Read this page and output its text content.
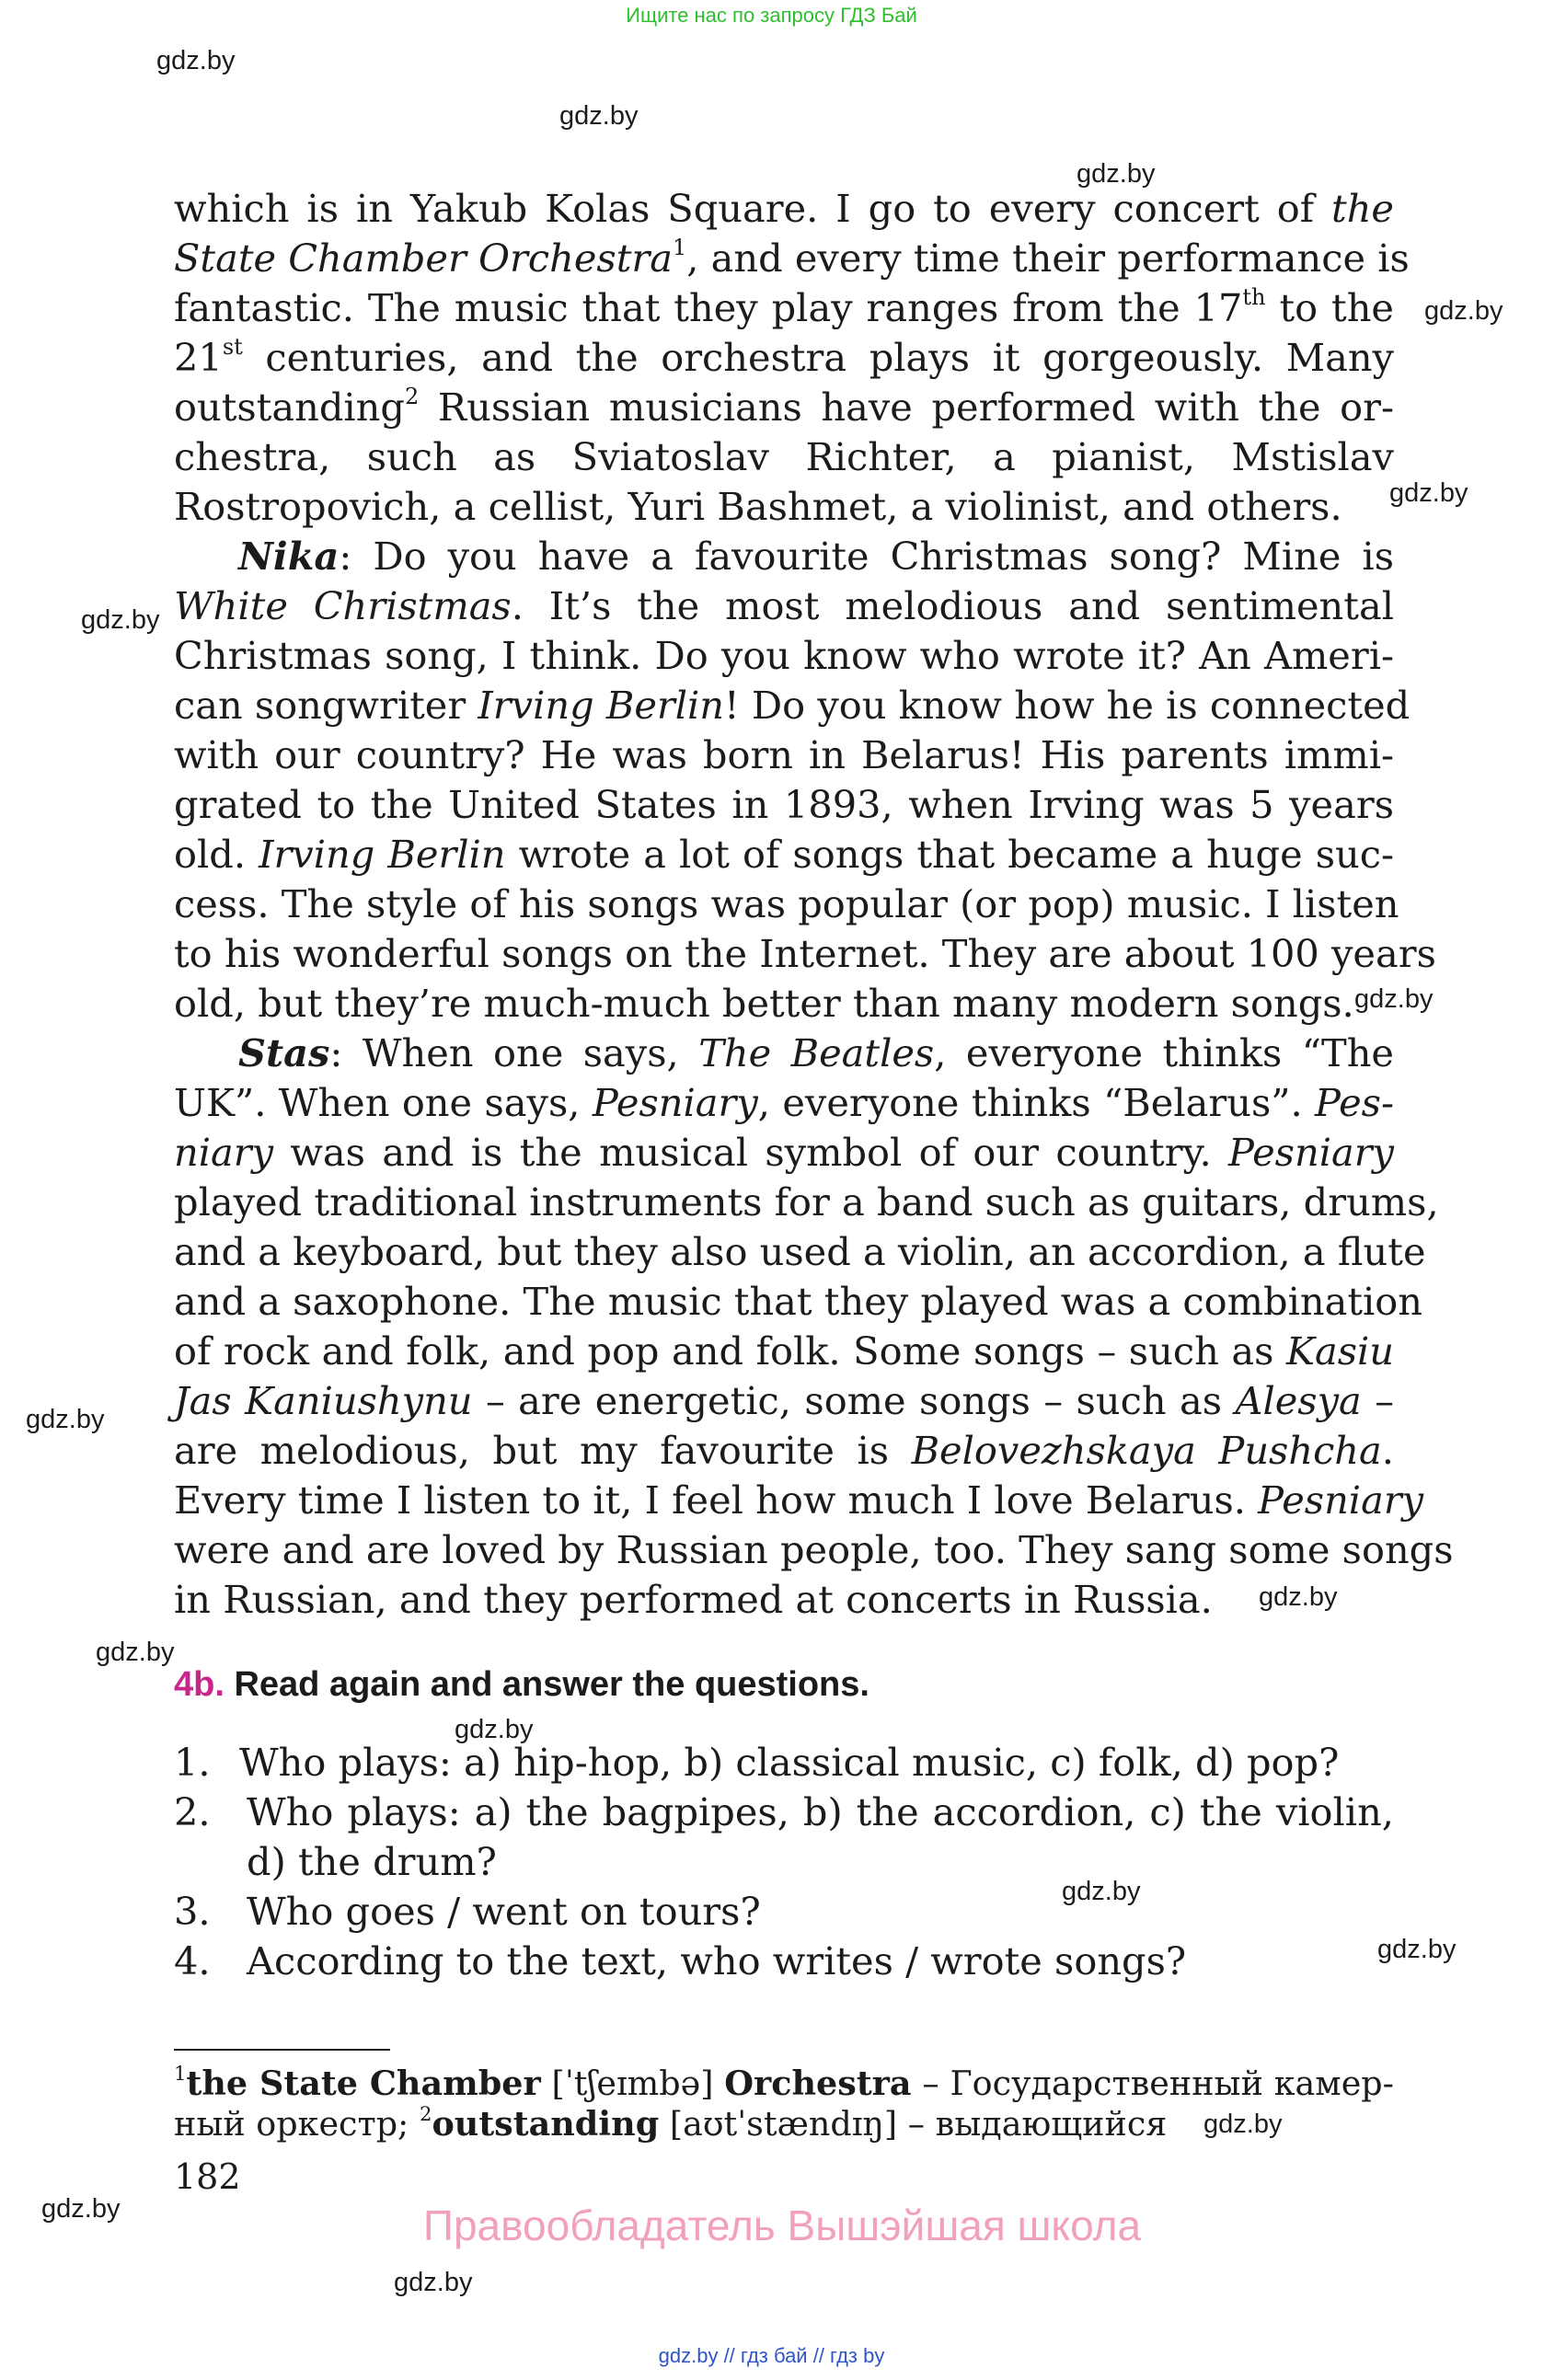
Ищите нас по запросу ГДЗ Бай
gdz.by
gdz.by
gdz.by
gdz.by
gdz.by
gdz.by
gdz.by
gdz.by
gdz.by
gdz.by
gdz.by
gdz.by
gdz.by
gdz.by
gdz.by
gdz.by
which is in Yakub Kolas Square. I go to every concert of the
State Chamber Orchestra$^1$, and every time their performance is
fantastic. The music that they play ranges from the 17th to the
21st centuries, and the orchestra plays it gorgeously. Many
outstanding$^2$ Russian musicians have performed with the or-
chestra, such as Sviatoslav Richter, a pianist, Mstislav
Rostropovich, a cellist, Yuri Bashmet, a violinist, and others.
Nika: Do you have a favourite Christmas song? Mine is
White Christmas. It’s the most melodious and sentimental
Christmas song, I think. Do you know who wrote it? An Ameri-
can songwriter Irving Berlin! Do you know how he is connected
with our country? He was born in Belarus! His parents immi-
grated to the United States in 1893, when Irving was 5 years
old. Irving Berlin wrote a lot of songs that became a huge suc-
cess. The style of his songs was popular (or pop) music. I listen
to his wonderful songs on the Internet. They are about 100 years
old, but they’re much-much better than many modern songs.
Stas: When one says, The Beatles, everyone thinks “The
UK”. When one says, Pesniary, everyone thinks “Belarus”. Pes-
niary was and is the musical symbol of our country. Pesniary
played traditional instruments for a band such as guitars, drums,
and a keyboard, but they also used a violin, an accordion, a flute
and a saxophone. The music that they played was a combination
of rock and folk, and pop and folk. Some songs – such as Kasiu
Jas Kaniushynu – are energetic, some songs – such as Alesya –
are melodious, but my favourite is Belovezhskaya Pushcha.
Every time I listen to it, I feel how much I love Belarus. Pesniary
were and are loved by Russian people, too. They sang some songs
in Russian, and they performed at concerts in Russia.
4b. Read again and answer the questions.
1. Who plays: a) hip-hop, b) classical music, c) folk, d) pop?
2. Who plays: a) the bagpipes, b) the accordion, c) the violin,
d) the drum?
3. Who goes / went on tours?
4. According to the text, who writes / wrote songs?
$^1$the State Chamber [ˈtʃeɪmbə] Orchestra – Государственный камер-
ный оркестр; $^2$outstanding [aʊtˈstændɪŋ] – выдающийся
182
Правообладатель Вышэйшая школа
gdz.by // гдз бай // гдз by
